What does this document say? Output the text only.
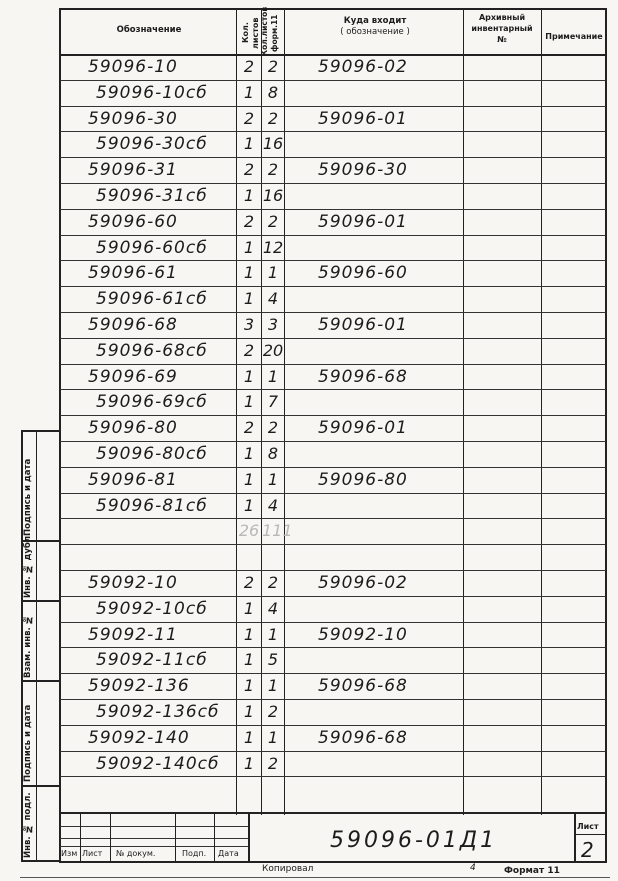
Обозначение	Кол. листов Кол.листов форм.11	Куда входит
( обозначение )
Архивный
инвентарный
№	Примечание
59096-10	2 2	59096-02
59096-10сб	1 8
59096-30	2 2	59096-01
59096-30сб	1 16
59096-31	2 2	59096-30
59096-31сб	1 16
59096-60	2 2	59096-01
59096-60сб	1 12
59096-61	1 1	59096-60
59096-61сб	1 4
59096-68	3 3	59096-01
59096-68сб	2 20
59096-69	1 1	59096-68
59096-69сб	1 7
59096-80	2 2	59096-01
59096-80сб	1 8
59096-81	1 1	59096-80
59096-81сб	1 4
26 111
59092-10	2 2	59096-02
59092-10сб	1 4
59092-11	1 1	59092-10
59092-11сб	1 5
59092-136	1 1	59096-68
59092-136сб	1 2
59092-140	1 1	59096-68
59092-140сб	1 2
Подпись и дата
Инв. № дубл.
Взам. инв. №
Подпись и дата
Инв. № подл.	Изм Лист № докум.	Подп. Дата
59096-01Д1
Лист
2
Копировал	4	Формат 11
